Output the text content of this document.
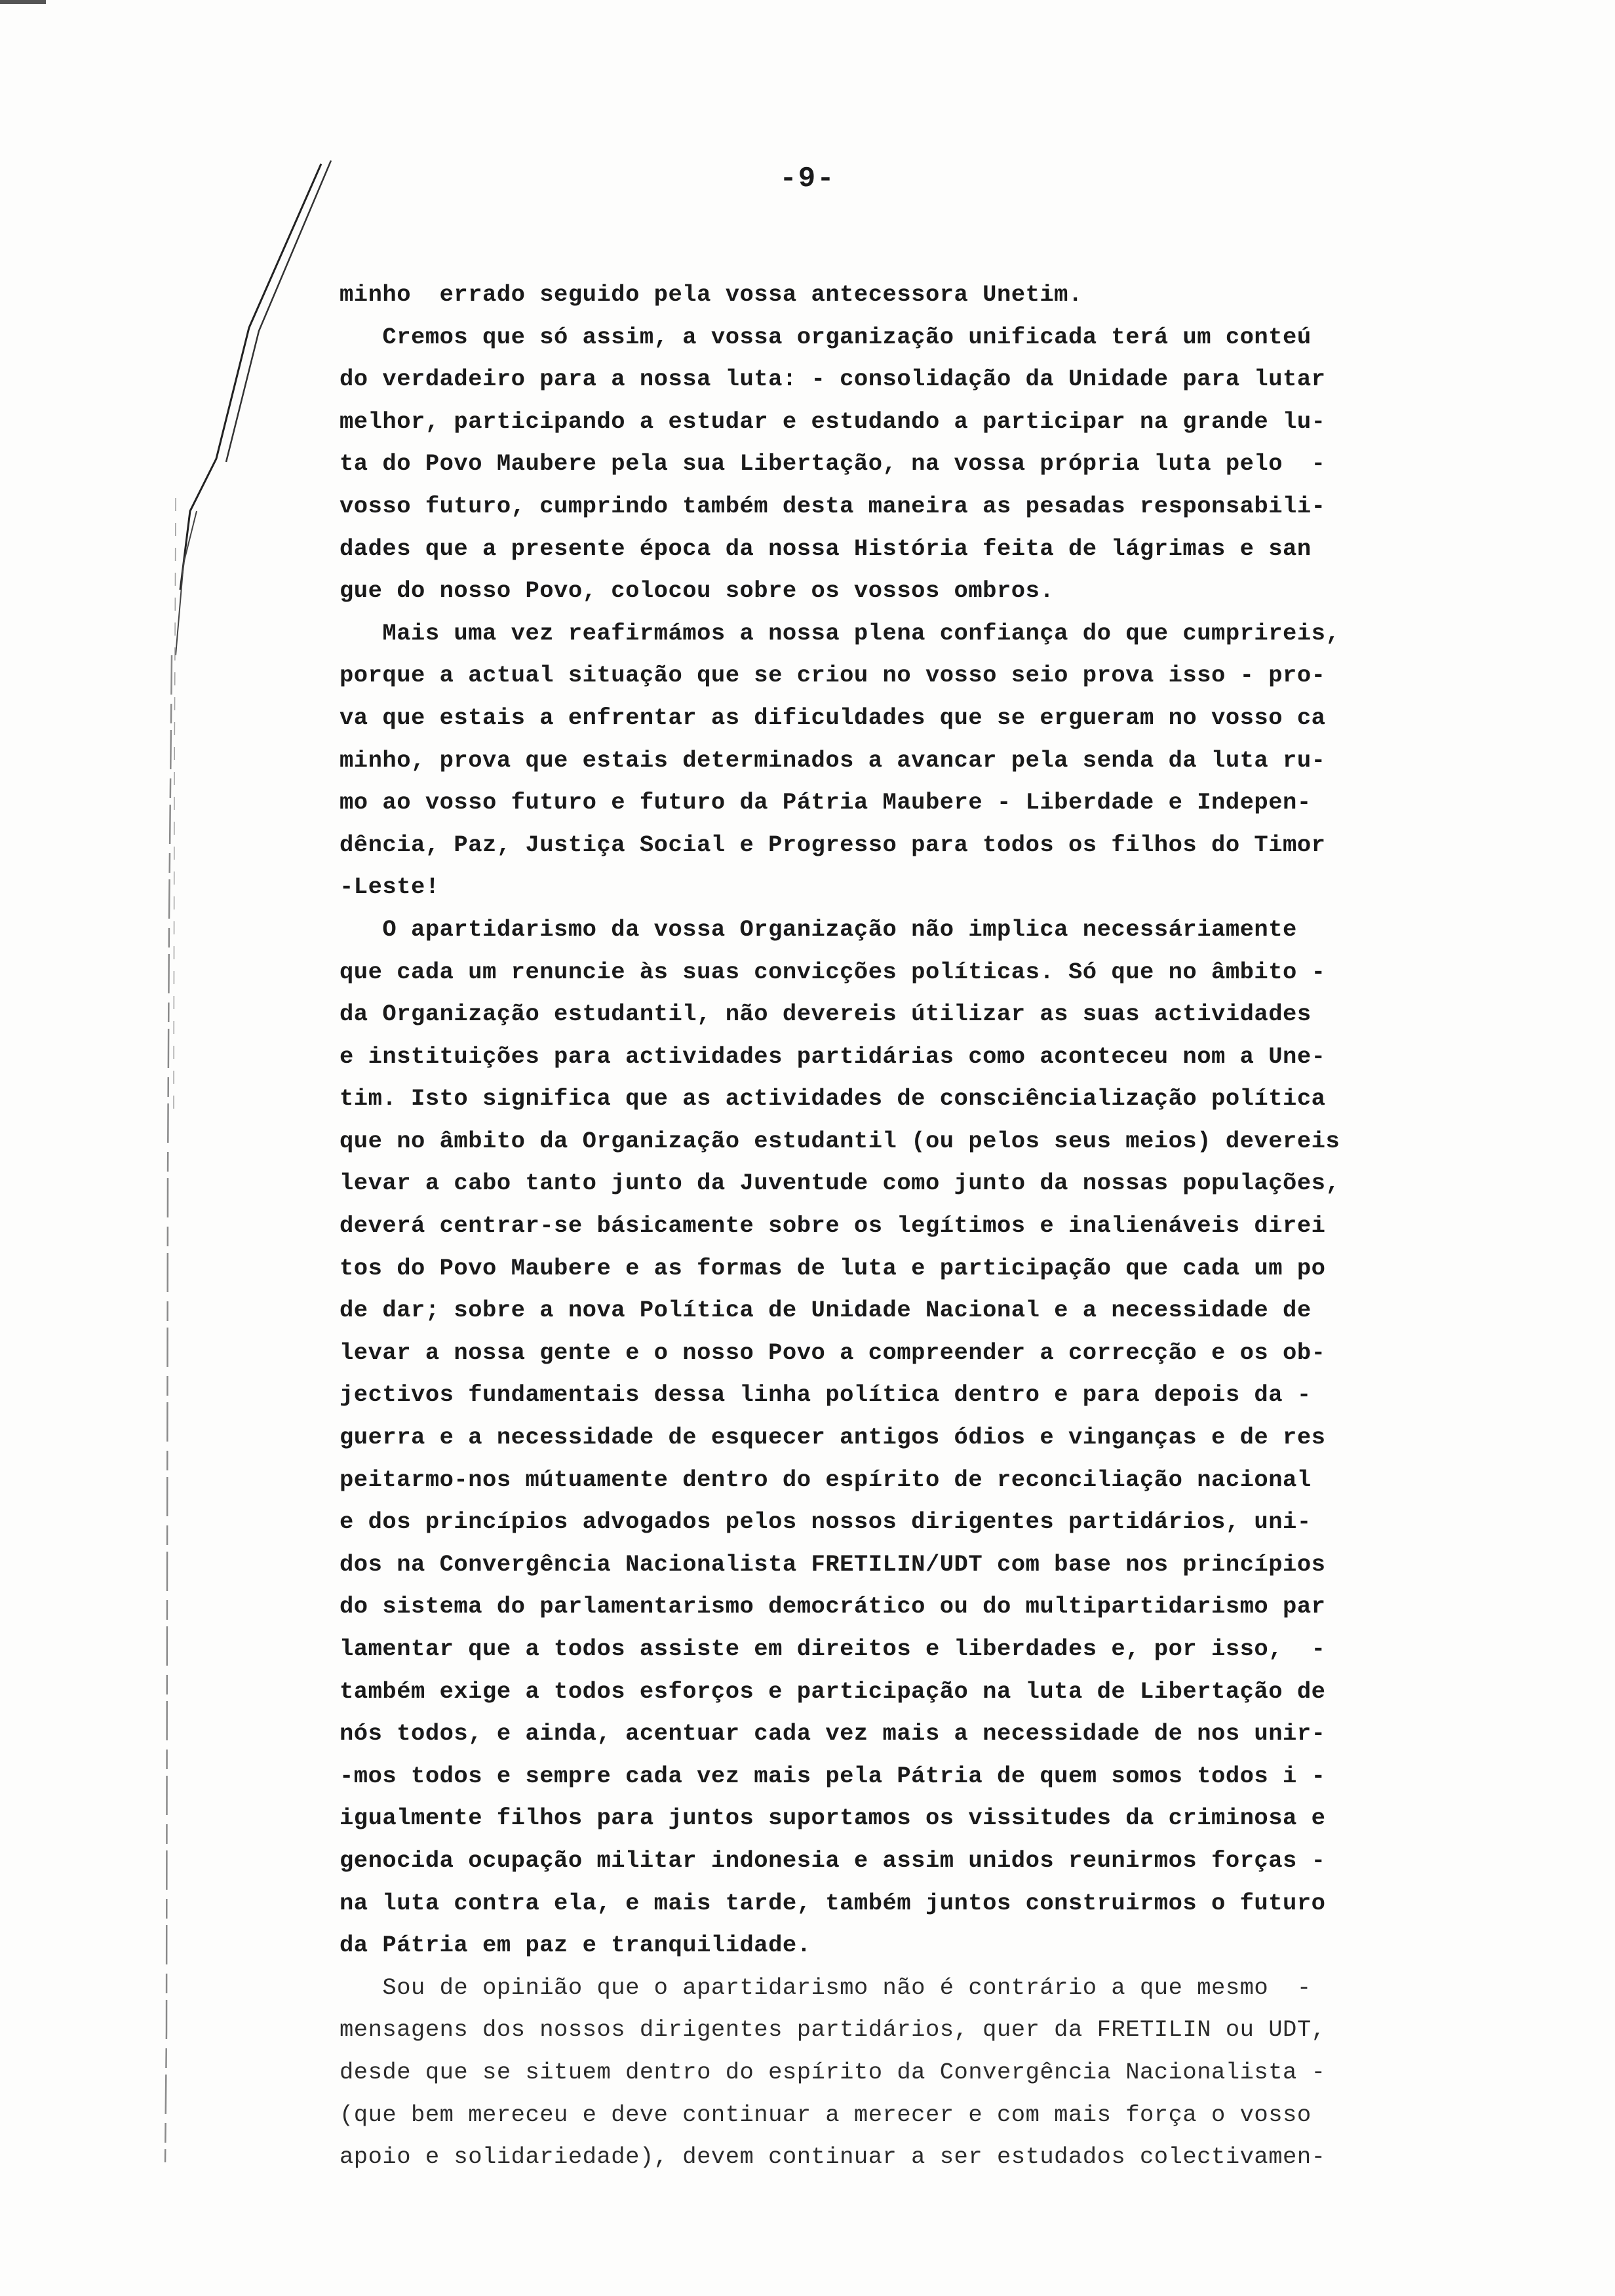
-9-
minho  errado seguido pela vossa antecessora Unetim.
Cremos que só assim, a vossa organização unificada terá um conteú
do verdadeiro para a nossa luta: - consolidação da Unidade para lutar
melhor, participando a estudar e estudando a participar na grande lu-
ta do Povo Maubere pela sua Libertação, na vossa própria luta pelo  -
vosso futuro, cumprindo também desta maneira as pesadas responsabili-
dades que a presente época da nossa História feita de lágrimas e san
gue do nosso Povo, colocou sobre os vossos ombros.
Mais uma vez reafirmámos a nossa plena confiança do que cumprireis,
porque a actual situação que se criou no vosso seio prova isso - pro-
va que estais a enfrentar as dificuldades que se ergueram no vosso ca
minho, prova que estais determinados a avancar pela senda da luta ru-
mo ao vosso futuro e futuro da Pátria Maubere - Liberdade e Indepen-
dência, Paz, Justiça Social e Progresso para todos os filhos do Timor
-Leste!
O apartidarismo da vossa Organização não implica necessáriamente
que cada um renuncie às suas convicções políticas. Só que no âmbito -
da Organização estudantil, não devereis útilizar as suas actividades
e instituições para actividades partidárias como aconteceu nom a Une-
tim. Isto significa que as actividades de consciêncialização política
que no âmbito da Organização estudantil (ou pelos seus meios) devereis
levar a cabo tanto junto da Juventude como junto da nossas populações,
deverá centrar-se básicamente sobre os legítimos e inalienáveis direi
tos do Povo Maubere e as formas de luta e participação que cada um po
de dar; sobre a nova Política de Unidade Nacional e a necessidade de
levar a nossa gente e o nosso Povo a compreender a correcção e os ob-
jectivos fundamentais dessa linha política dentro e para depois da -
guerra e a necessidade de esquecer antigos ódios e vinganças e de res
peitarmo-nos mútuamente dentro do espírito de reconciliação nacional
e dos princípios advogados pelos nossos dirigentes partidários, uni-
dos na Convergência Nacionalista FRETILIN/UDT com base nos princípios
do sistema do parlamentarismo democrático ou do multipartidarismo par
lamentar que a todos assiste em direitos e liberdades e, por isso,  -
também exige a todos esforços e participação na luta de Libertação de
nós todos, e ainda, acentuar cada vez mais a necessidade de nos unir-
-mos todos e sempre cada vez mais pela Pátria de quem somos todos i -
igualmente filhos para juntos suportamos os vissitudes da criminosa e
genocida ocupação militar indonesia e assim unidos reunirmos forças -
na luta contra ela, e mais tarde, também juntos construirmos o futuro
da Pátria em paz e tranquilidade.
Sou de opinião que o apartidarismo não é contrário a que mesmo  -
mensagens dos nossos dirigentes partidários, quer da FRETILIN ou UDT,
desde que se situem dentro do espírito da Convergência Nacionalista -
(que bem mereceu e deve continuar a merecer e com mais força o vosso
apoio e solidariedade), devem continuar a ser estudados colectivamen-
